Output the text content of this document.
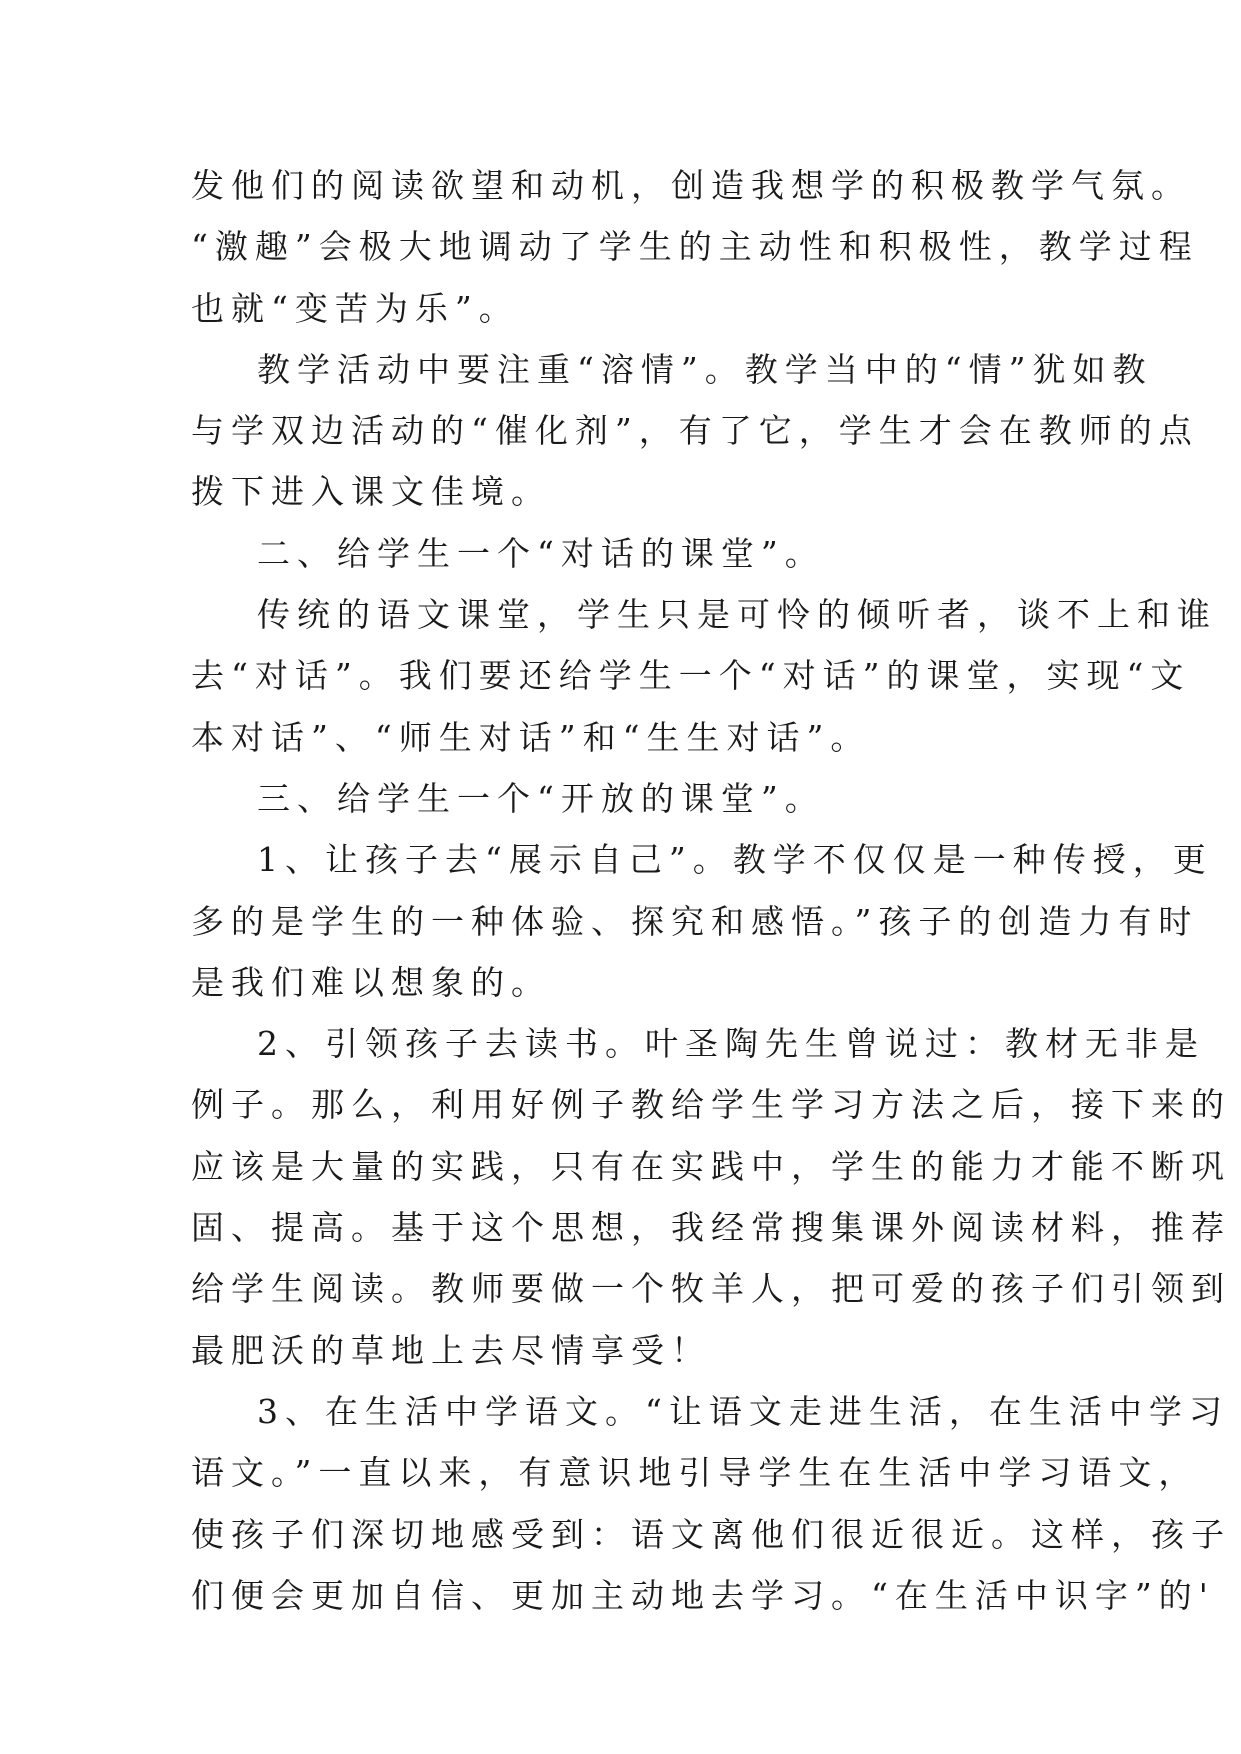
发他们的阅读欲望和动机，创造我想学的积极教学气氛。
“激趣”会极大地调动了学生的主动性和积极性，教学过程
也就“变苦为乐”。
教学活动中要注重“溶情”。教学当中的“情”犹如教
与学双边活动的“催化剂”，有了它，学生才会在教师的点
拨下进入课文佳境。
二、给学生一个“对话的课堂”。
传统的语文课堂，学生只是可怜的倾听者，谈不上和谁
去“对话”。我们要还给学生一个“对话”的课堂，实现“文
本对话”、“师生对话”和“生生对话”。
三、给学生一个“开放的课堂”。
1、让孩子去“展示自己”。教学不仅仅是一种传授，更
多的是学生的一种体验、探究和感悟。”孩子的创造力有时
是我们难以想象的。
2、引领孩子去读书。叶圣陶先生曾说过：教材无非是
例子。那么，利用好例子教给学生学习方法之后，接下来的
应该是大量的实践，只有在实践中，学生的能力才能不断巩
固、提高。基于这个思想，我经常搜集课外阅读材料，推荐
给学生阅读。教师要做一个牧羊人，把可爱的孩子们引领到
最肥沃的草地上去尽情享受！
3、在生活中学语文。“让语文走进生活，在生活中学习
语文。”一直以来，有意识地引导学生在生活中学习语文，
使孩子们深切地感受到：语文离他们很近很近。这样，孩子
们便会更加自信、更加主动地去学习。“在生活中识字”的'
